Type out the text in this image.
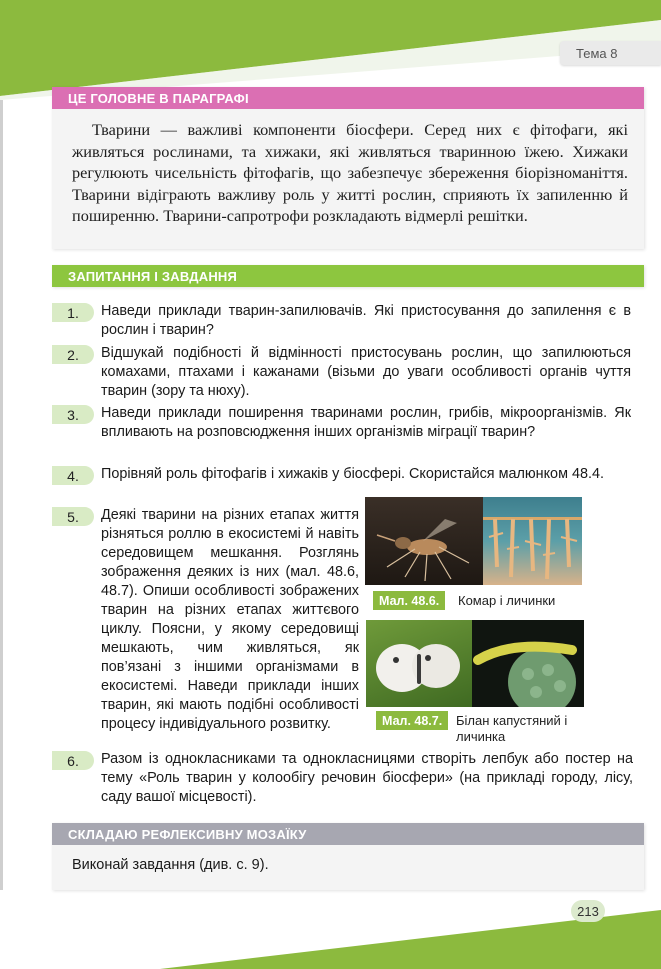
Тема 8
ЦЕ ГОЛОВНЕ В ПАРАГРАФІ
Тварини — важливі компоненти біосфери. Серед них є фітофаги, які живляться рослинами, та хижаки, які живляться тваринною їжею. Хижаки регулюють чисельність фітофагів, що забезпечує збереження біорізноманіття. Тварини відіграють важливу роль у житті рослин, сприяють їх запиленню й поширенню. Тварини-сапротрофи розкладають відмерлі решітки.
ЗАПИТАННЯ І ЗАВДАННЯ
1.	Наведи приклади тварин-запилювачів. Які пристосування до запилення є в рослин і тварин?
2.	Відшукай подібності й відмінності пристосувань рослин, що запилюються комахами, птахами і кажанами (візьми до уваги особливості органів чуття тварин (зору та нюху).
3.	Наведи приклади поширення тваринами рослин, грибів, мікроорганізмів. Як впливають на розповсюдження інших організмів міграції тварин?
4.	Порівняй роль фітофагів і хижаків у біосфері. Скористайся малюнком 48.4.
5.	Деякі тварини на різних етапах життя різняться роллю в екосистемі й навіть середовищем мешкання. Розглянь зображення деяких із них (мал. 48.6, 48.7). Опиши особливості зображених тварин на різних етапах життєвого циклу. Поясни, у якому середовищі мешкають, чим живляться, як пов’язані з іншими організмами в екосистемі. Наведи приклади інших тварин, які мають подібні особливості процесу індивідуального розвитку.
Мал. 48.6.	Комар і личинки
Мал. 48.7.	Білан капустяний і личинка
6.	Разом із однокласниками та однокласницями створіть лепбук або постер на тему «Роль тварин у колообігу речовин біосфери» (на прикладі городу, лісу, саду вашої місцевості).
СКЛАДАЮ РЕФЛЕКСИВНУ МОЗАЇКУ
Виконай завдання (див. с. 9).
213
